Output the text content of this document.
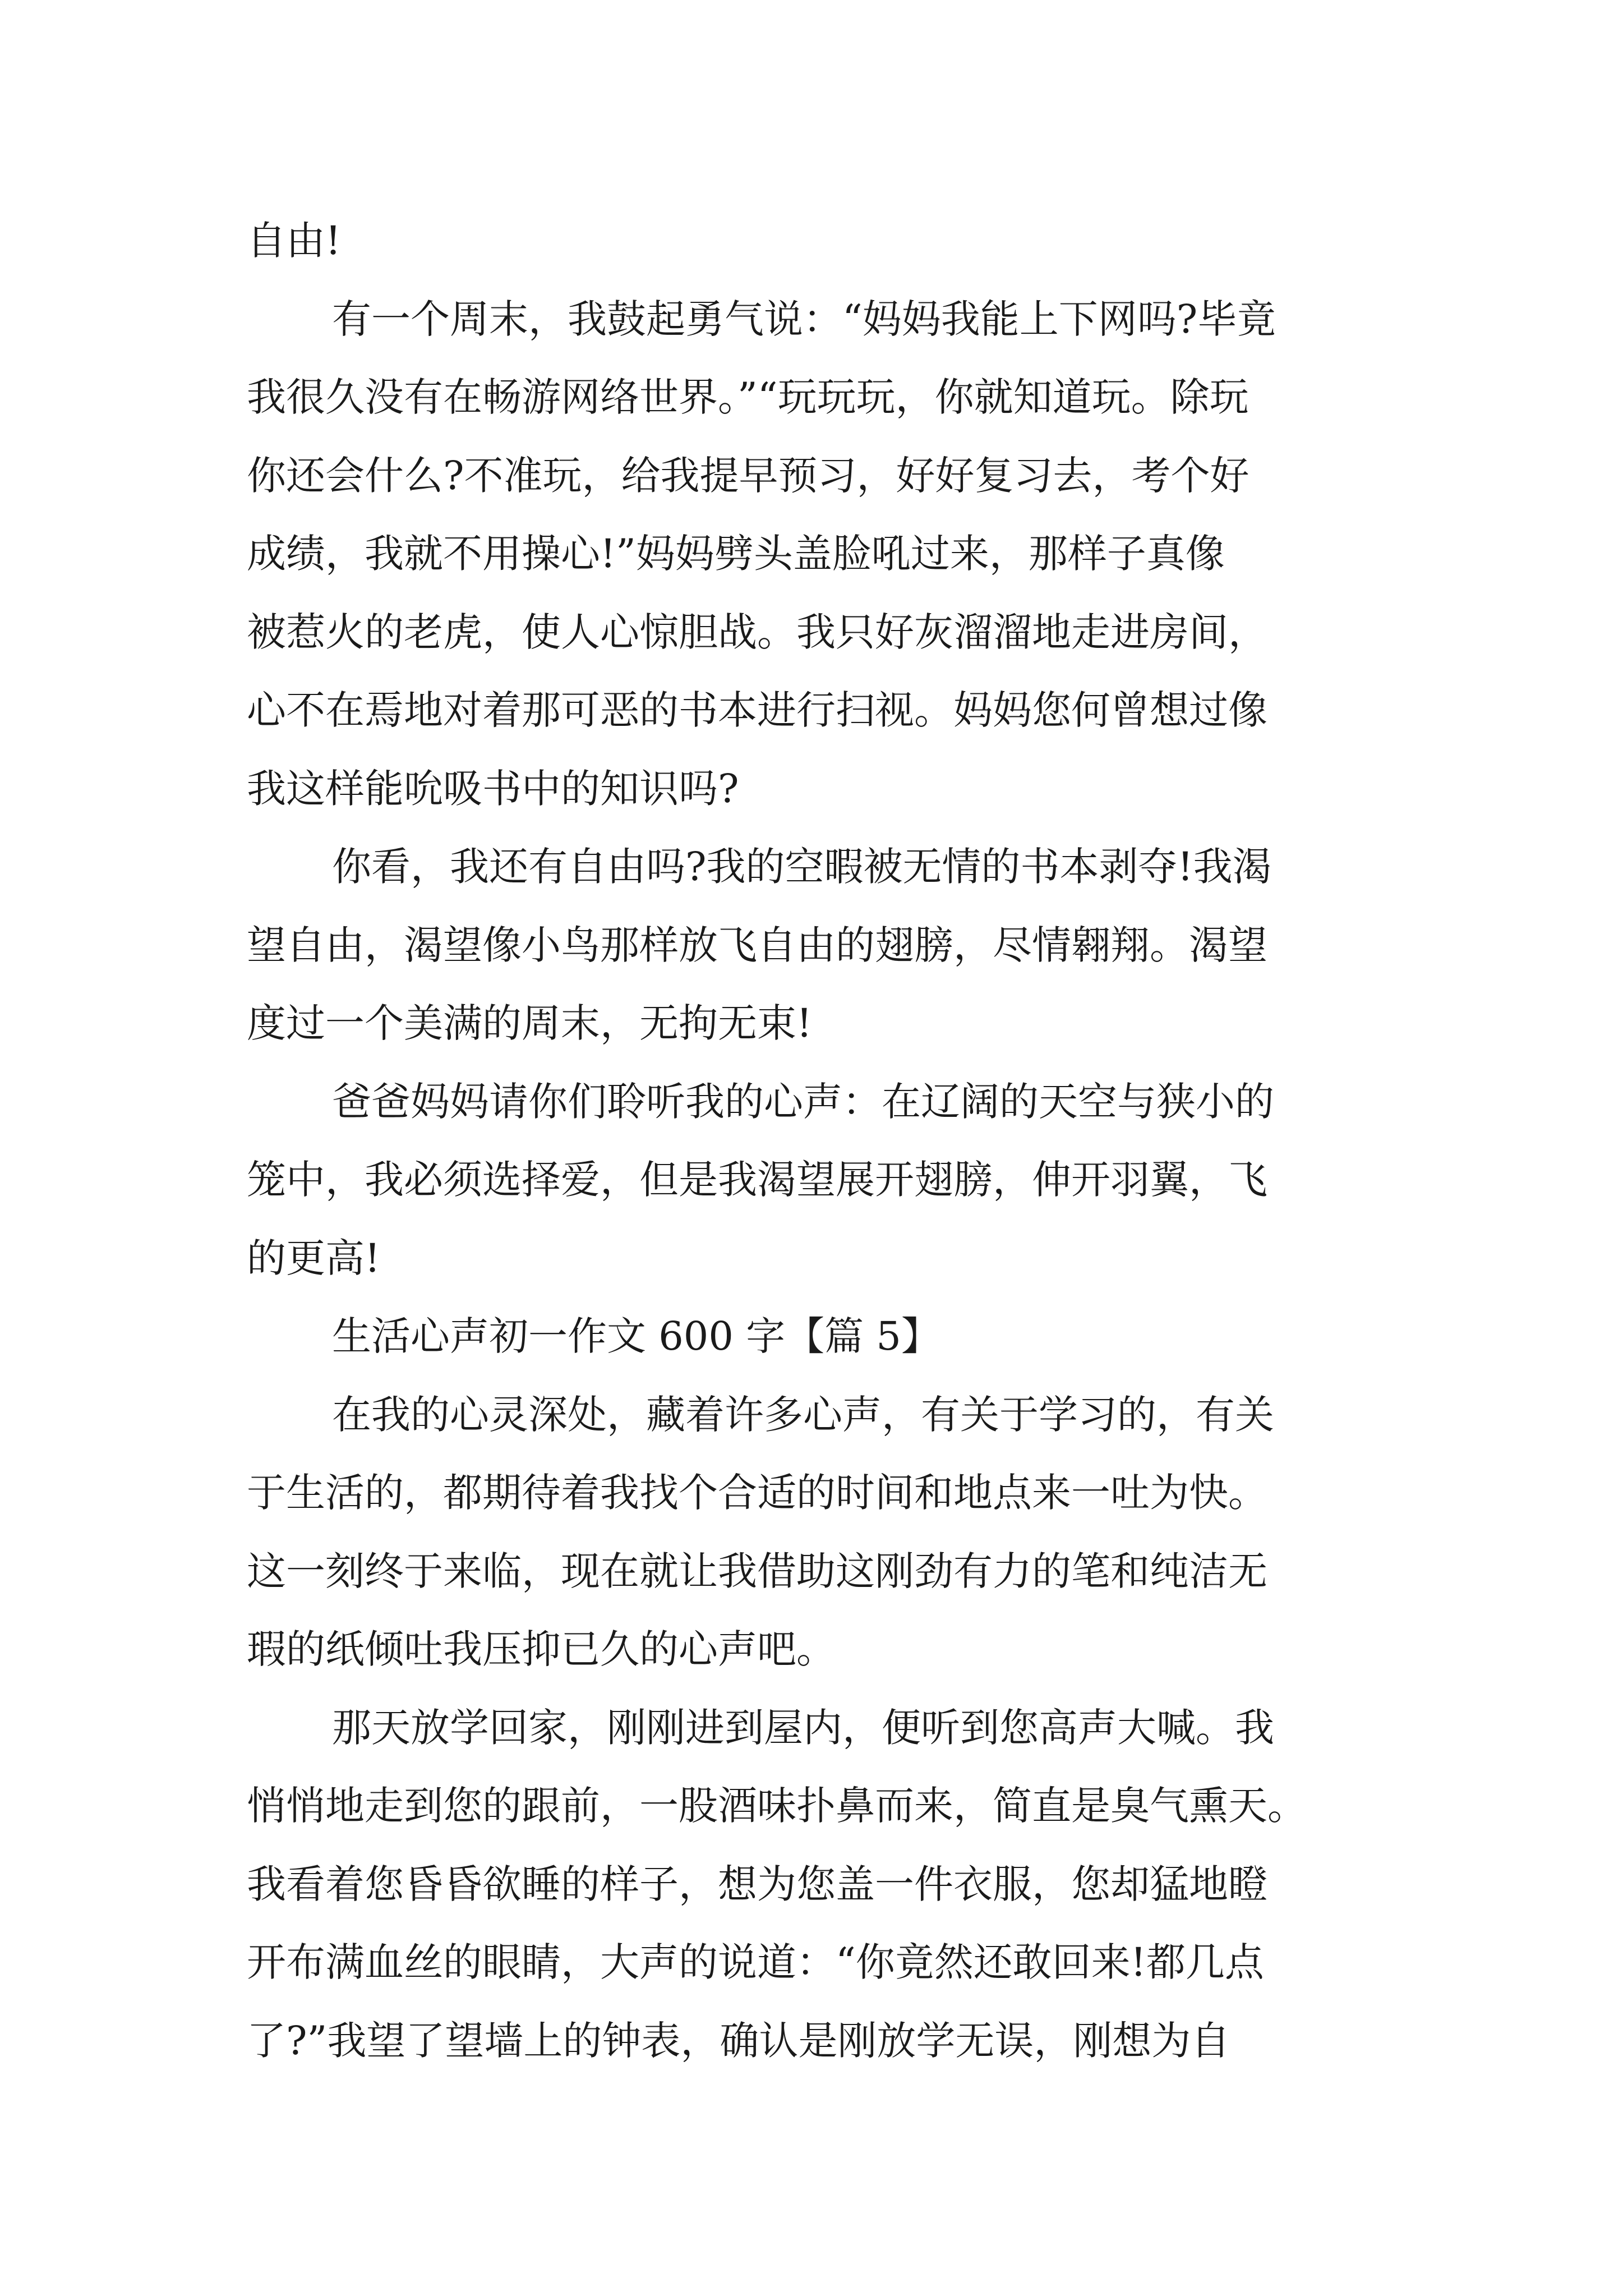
自由!
有一个周末，我鼓起勇气说：“妈妈我能上下网吗?毕竟
我很久没有在畅游网络世界。”“玩玩玩，你就知道玩。除玩
你还会什么?不准玩，给我提早预习，好好复习去，考个好
成绩，我就不用操心!”妈妈劈头盖脸吼过来，那样子真像
被惹火的老虎，使人心惊胆战。我只好灰溜溜地走进房间，
心不在焉地对着那可恶的书本进行扫视。妈妈您何曾想过像
我这样能吮吸书中的知识吗?
你看，我还有自由吗?我的空暇被无情的书本剥夺!我渴
望自由，渴望像小鸟那样放飞自由的翅膀，尽情翱翔。渴望
度过一个美满的周末，无拘无束!
爸爸妈妈请你们聆听我的心声：在辽阔的天空与狭小的
笼中，我必须选择爱，但是我渴望展开翅膀，伸开羽翼，飞
的更高!
生活心声初一作文 600 字【篇 5】
在我的心灵深处，藏着许多心声，有关于学习的，有关
于生活的，都期待着我找个合适的时间和地点来一吐为快。
这一刻终于来临，现在就让我借助这刚劲有力的笔和纯洁无
瑕的纸倾吐我压抑已久的心声吧。
那天放学回家，刚刚进到屋内，便听到您高声大喊。我
悄悄地走到您的跟前，一股酒味扑鼻而来，简直是臭气熏天。
我看着您昏昏欲睡的样子，想为您盖一件衣服，您却猛地瞪
开布满血丝的眼睛，大声的说道：“你竟然还敢回来!都几点
了?”我望了望墙上的钟表，确认是刚放学无误，刚想为自
